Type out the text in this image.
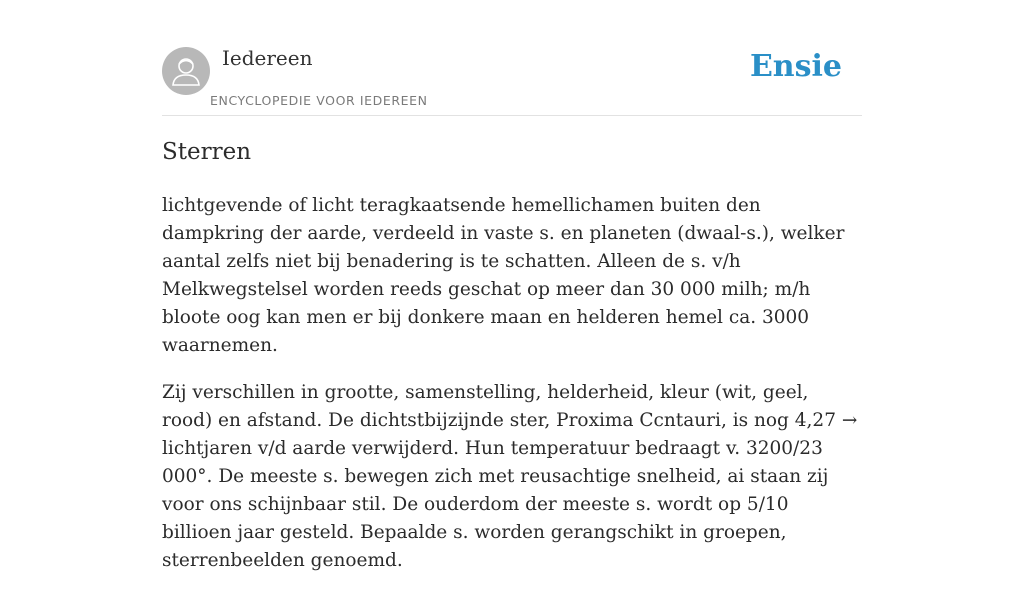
Iedereen
ENCYCLOPEDIE VOOR IEDEREEN
Ensie
Sterren

lichtgevende of licht teragkaatsende hemellichamen buiten den dampkring der aarde, verdeeld in vaste s. en planeten (dwaal-s.), welker aantal zelfs niet bij benadering is te schatten. Alleen de s. v/h Melkwegstelsel worden reeds geschat op meer dan 30 000 milh; m/h bloote oog kan men er bij donkere maan en helderen hemel ca. 3000 waarnemen.

Zij verschillen in grootte, samenstelling, helderheid, kleur (wit, geel, rood) en afstand. De dichtstbijzijnde ster, Proxima Ccntauri, is nog 4,27 → lichtjaren v/d aarde verwijderd. Hun temperatuur bedraagt v. 3200/23 000°. De meeste s. bewegen zich met reusachtige snelheid, ai staan zij voor ons schijnbaar stil. De ouderdom der meeste s. wordt op 5/10 billioen jaar gesteld. Bepaalde s. worden gerangschikt in groepen, sterrenbeelden genoemd.
